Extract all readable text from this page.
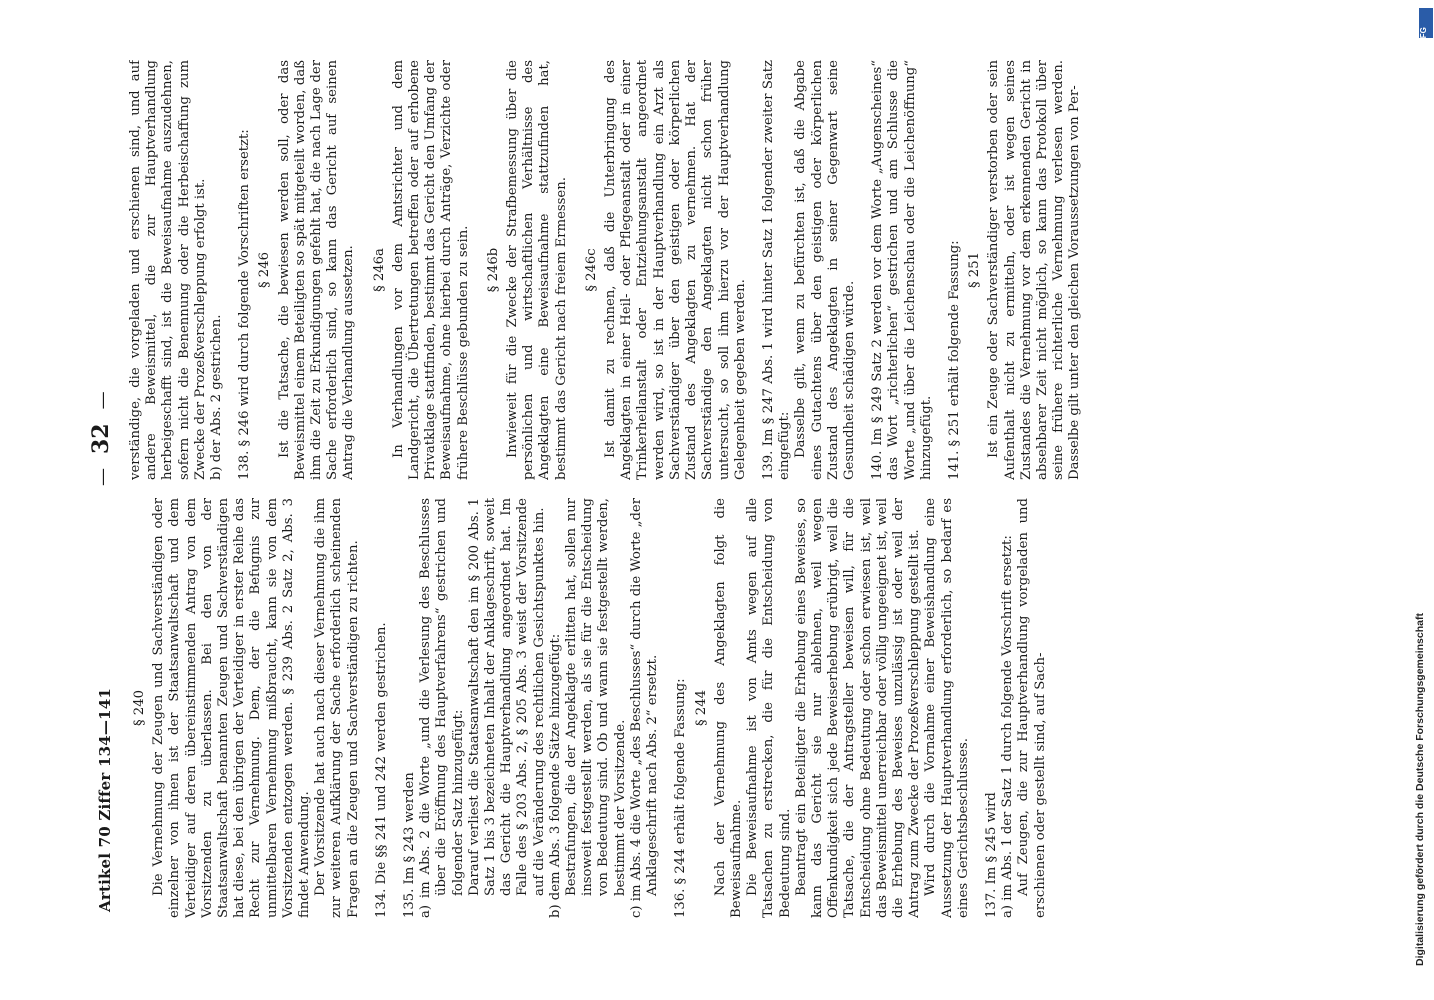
Artikel 70 Ziffer 134—141
—32—

§ 240 Die Vernehmung der Zeugen und Sachverständigen oder einzelner von ihnen ist der Staatsanwaltschaft und dem Verteidiger auf deren übereinstimmenden Antrag von dem Vorsitzenden zu überlassen. Bei den von der Staatsanwaltschaft benannten Zeugen und Sachverständigen hat diese, bei den übrigen der Verteidiger in erster Reihe das Recht zur Vernehmung. Dem, der die Befugnis zur unmittelbaren Vernehmung mißbraucht, kann sie von dem Vorsitzenden entzogen werden. § 239 Abs. 2 Satz 2, Abs. 3 findet Anwendung. Der Vorsitzende hat auch nach dieser Vernehmung die ihm zur weiteren Aufklärung der Sache erforderlich scheinenden Fragen an die Zeugen und Sachverständigen zu richten. 134. Die §§ 241 und 242 werden gestrichen. 135. Im § 243 werden a) im Abs. 2 die Worte „und die Verlesung des Beschlusses über die Eröffnung des Hauptverfahrens“ gestrichen und folgender Satz hinzugefügt: Darauf verliest die Staatsanwaltschaft den im § 200 Abs. 1 Satz 1 bis 3 bezeichneten Inhalt der Anklageschrift, soweit das Gericht die Hauptverhandlung angeordnet hat. Im Falle des § 203 Abs. 2, § 205 Abs. 3 weist der Vorsitzende auf die Veränderung des rechtlichen Gesichtspunktes hin. b) dem Abs. 3 folgende Sätze hinzugefügt: Bestrafungen, die der Angeklagte erlitten hat, sollen nur insoweit festgestellt werden, als sie für die Entscheidung von Bedeutung sind. Ob und wann sie festgestellt werden, bestimmt der Vorsitzende. c) im Abs. 4 die Worte „des Beschlusses“ durch die Worte „der Anklageschrift nach Abs. 2“ ersetzt. 136. § 244 erhält folgende Fassung: § 244 Nach der Vernehmung des Angeklagten folgt die Beweisaufnahme. Die Beweisaufnahme ist von Amts wegen auf alle Tatsachen zu erstrecken, die für die Entscheidung von Bedeutung sind. Beantragt ein Beteiligter die Erhebung eines Beweises, so kann das Gericht sie nur ablehnen, weil wegen Offenkundigkeit sich jede Beweiserhebung erübrigt, weil die Tatsache, die der Antragsteller beweisen will, für die Entscheidung ohne Bedeutung oder schon erwiesen ist, weil das Beweismittel unerreichbar oder völlig ungeeignet ist, weil die Erhebung des Beweises unzulässig ist oder weil der Antrag zum Zwecke der Prozeßverschleppung gestellt ist. Wird durch die Vornahme einer Beweishandlung eine Aussetzung der Hauptverhandlung erforderlich, so bedarf es eines Gerichtsbeschlusses. 137. Im § 245 wird a) im Abs. 1 der Satz 1 durch folgende Vorschrift ersetzt: Auf Zeugen, die zur Hauptverhandlung vorgeladen und erschienen oder gestellt sind, auf Sach-

verständige, die vorgeladen und erschienen sind, und auf andere Beweismittel, die zur Hauptverhandlung herbeigeschafft sind, ist die Beweisaufnahme auszudehnen, sofern nicht die Benennung oder die Herbeischaffung zum Zwecke der Prozeßverschleppung erfolgt ist. b) der Abs. 2 gestrichen. 138. § 246 wird durch folgende Vorschriften ersetzt: § 246 Ist die Tatsache, die bewiesen werden soll, oder das Beweismittel einem Beteiligten so spät mitgeteilt worden, daß ihm die Zeit zu Erkundigungen gefehlt hat, die nach Lage der Sache erforderlich sind, so kann das Gericht auf seinen Antrag die Verhandlung aussetzen. § 246a In Verhandlungen vor dem Amtsrichter und dem Landgericht, die Übertretungen betreffen oder auf erhobene Privatklage stattfinden, bestimmt das Gericht den Umfang der Beweisaufnahme, ohne hierbei durch Anträge, Verzichte oder frühere Beschlüsse gebunden zu sein. § 246b Inwieweit für die Zwecke der Strafbemessung über die persönlichen und wirtschaftlichen Verhältnisse des Angeklagten eine Beweisaufnahme stattzufinden hat, bestimmt das Gericht nach freiem Ermessen. § 246c Ist damit zu rechnen, daß die Unterbringung des Angeklagten in einer Heil- oder Pflegeanstalt oder in einer Trinkerheilanstalt oder Entziehungsanstalt angeordnet werden wird, so ist in der Hauptverhandlung ein Arzt als Sachverständiger über den geistigen oder körperlichen Zustand des Angeklagten zu vernehmen. Hat der Sachverständige den Angeklagten nicht schon früher untersucht, so soll ihm hierzu vor der Hauptverhandlung Gelegenheit gegeben werden. 139. Im § 247 Abs. 1 wird hinter Satz 1 folgender zweiter Satz eingefügt: Dasselbe gilt, wenn zu befürchten ist, daß die Abgabe eines Gutachtens über den geistigen oder körperlichen Zustand des Angeklagten in seiner Gegenwart seine Gesundheit schädigen würde. 140. Im § 249 Satz 2 werden vor dem Worte „Augenscheines“ das Wort „richterlichen“ gestrichen und am Schlusse die Worte „und über die Leichenschau oder die Leichenöffnung“ hinzugefügt. 141. § 251 erhält folgende Fassung: § 251 Ist ein Zeuge oder Sachverständiger verstorben oder sein Aufenthalt nicht zu ermitteln, oder ist wegen seines Zustandes die Vernehmung vor dem erkennenden Gericht in absehbarer Zeit nicht möglich, so kann das Protokoll über seine frühere richterliche Vernehmung verlesen werden. Dasselbe gilt unter den gleichen Voraussetzungen von Per-

DFG
Digitalisierung gefördert durch die Deutsche Forschungsgemeinschaft
